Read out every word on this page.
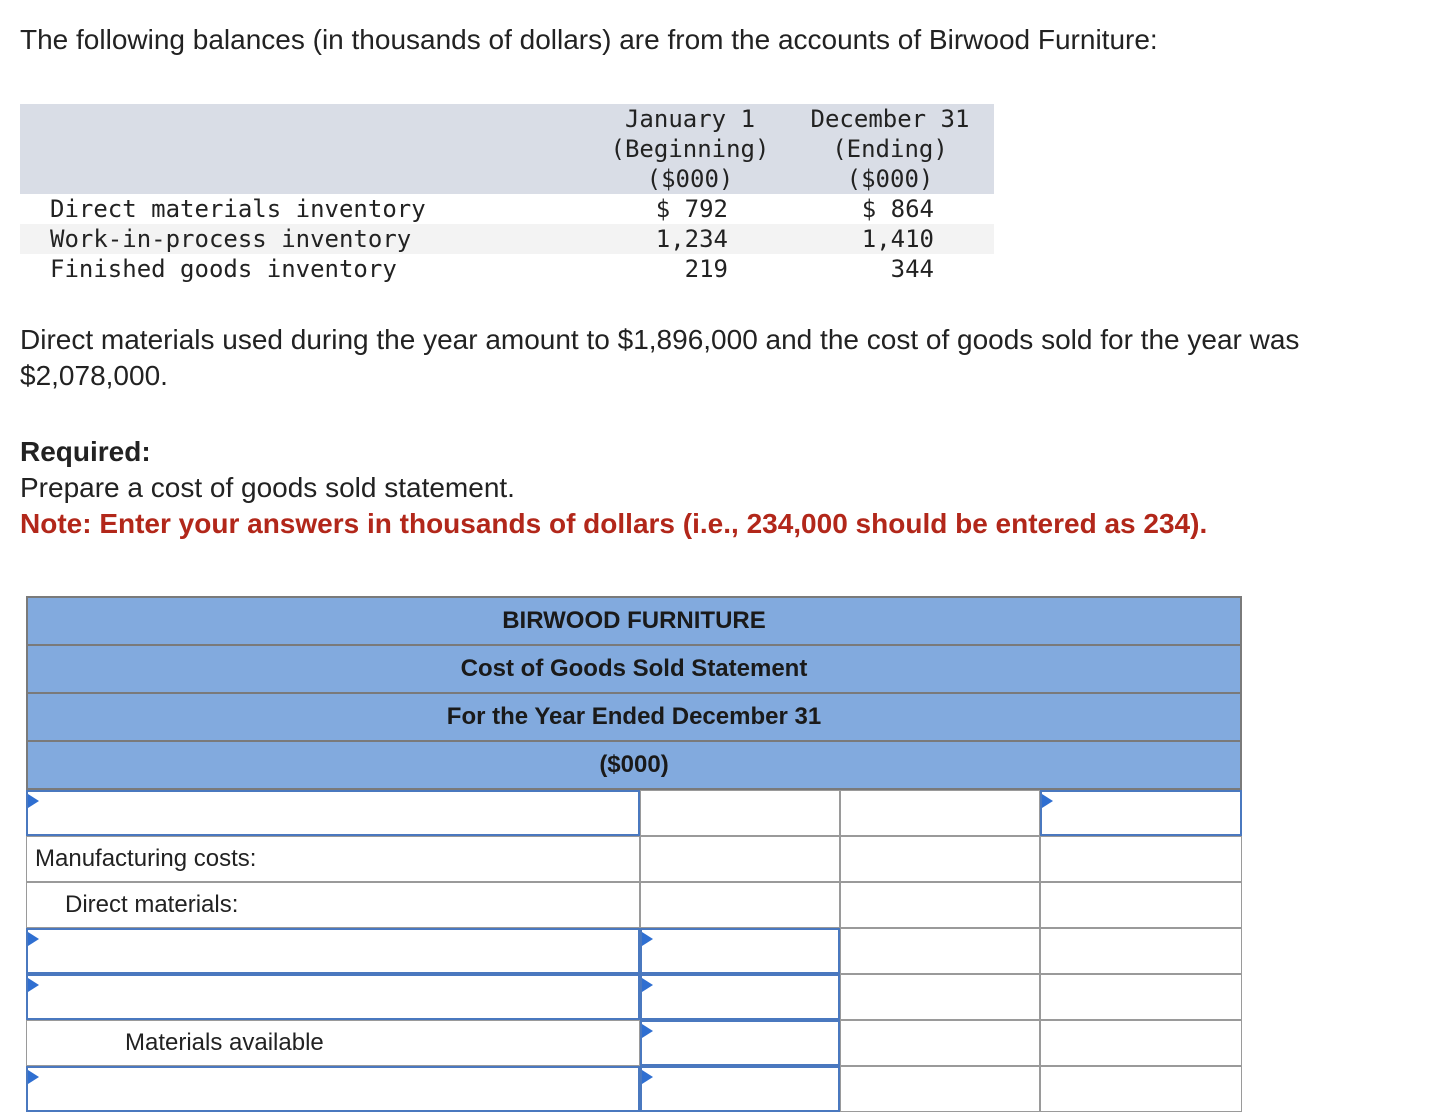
The following balances (in thousands of dollars) are from the accounts of Birwood Furniture:
January 1
(Beginning)
($000)
December 31
(Ending)
($000)
Direct materials inventory	$ 792	$ 864
Work-in-process inventory	1,234	1,410
Finished goods inventory	219	344
Direct materials used during the year amount to $1,896,000 and the cost of goods sold for the year was $2,078,000.
Required:
Prepare a cost of goods sold statement.
Note: Enter your answers in thousands of dollars (i.e., 234,000 should be entered as 234).
BIRWOOD FURNITURE
Cost of Goods Sold Statement
For the Year Ended December 31
($000)
Manufacturing costs:
Direct materials:
Materials available
